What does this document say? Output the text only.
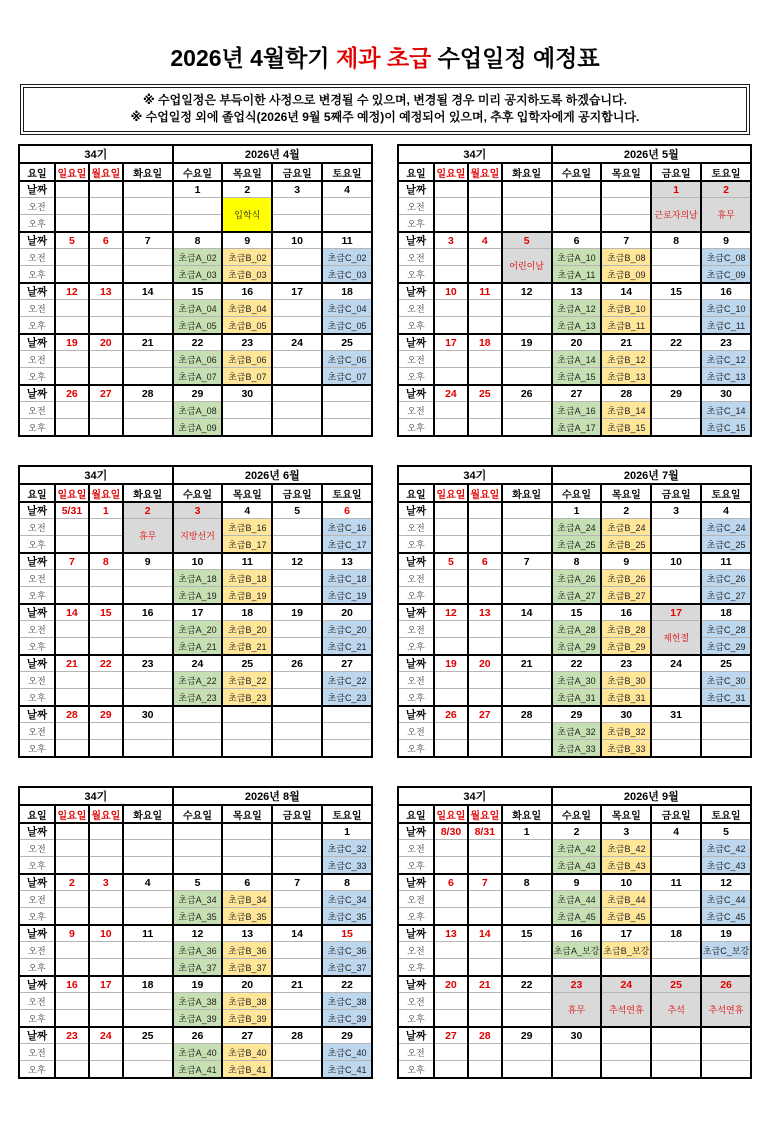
2026년 4월학기 제과 초급 수업일정 예정표
※ 수업일정은 부득이한 사정으로 변경될 수 있으며, 변경될 경우 미리 공지하도록 하겠습니다.
※ 수업일정 외에 졸업식(2026년 9월 5째주 예정)이 예정되어 있으며, 추후 입학자에게 공지합니다.
34기				2026년 4월			
요일	일요일	월요일	화요일	수요일	목요일	금요일	토요일
날짜				1	2	3	4
오전					입학식		
오후							
날짜	5	6	7	8	9	10	11
오전				초급A_02	초급B_02		초급C_02
오후				초급A_03	초급B_03		초급C_03
날짜	12	13	14	15	16	17	18
오전				초급A_04	초급B_04		초급C_04
오후				초급A_05	초급B_05		초급C_05
날짜	19	20	21	22	23	24	25
오전				초급A_06	초급B_06		초급C_06
오후				초급A_07	초급B_07		초급C_07
날짜	26	27	28	29	30		
오전				초급A_08			
오후				초급A_09			
34기				2026년 5월			
요일	일요일	월요일	화요일	수요일	목요일	금요일	토요일
날짜						1	2
오전						근로자의날	휴무
오후							
날짜	3	4	5	6	7	8	9
오전			어린이날	초급A_10	초급B_08		초급C_08
오후				초급A_11	초급B_09		초급C_09
날짜	10	11	12	13	14	15	16
오전				초급A_12	초급B_10		초급C_10
오후				초급A_13	초급B_11		초급C_11
날짜	17	18	19	20	21	22	23
오전				초급A_14	초급B_12		초급C_12
오후				초급A_15	초급B_13		초급C_13
날짜	24	25	26	27	28	29	30
오전				초급A_16	초급B_14		초급C_14
오후				초급A_17	초급B_15		초급C_15
34기				2026년 6월			
요일	일요일	월요일	화요일	수요일	목요일	금요일	토요일
날짜	5/31	1	2	3	4	5	6
오전			휴무	지방선거	초급B_16		초급C_16
오후					초급B_17		초급C_17
날짜	7	8	9	10	11	12	13
오전				초급A_18	초급B_18		초급C_18
오후				초급A_19	초급B_19		초급C_19
날짜	14	15	16	17	18	19	20
오전				초급A_20	초급B_20		초급C_20
오후				초급A_21	초급B_21		초급C_21
날짜	21	22	23	24	25	26	27
오전				초급A_22	초급B_22		초급C_22
오후				초급A_23	초급B_23		초급C_23
날짜	28	29	30				
오전							
오후							
34기				2026년 7월			
요일	일요일	월요일	화요일	수요일	목요일	금요일	토요일
날짜				1	2	3	4
오전				초급A_24	초급B_24		초급C_24
오후				초급A_25	초급B_25		초급C_25
날짜	5	6	7	8	9	10	11
오전				초급A_26	초급B_26		초급C_26
오후				초급A_27	초급B_27		초급C_27
날짜	12	13	14	15	16	17	18
오전				초급A_28	초급B_28	제헌절	초급C_28
오후				초급A_29	초급B_29		초급C_29
날짜	19	20	21	22	23	24	25
오전				초급A_30	초급B_30		초급C_30
오후				초급A_31	초급B_31		초급C_31
날짜	26	27	28	29	30	31	
오전				초급A_32	초급B_32		
오후				초급A_33	초급B_33		
34기				2026년 8월			
요일	일요일	월요일	화요일	수요일	목요일	금요일	토요일
날짜							1
오전							초급C_32
오후							초급C_33
날짜	2	3	4	5	6	7	8
오전				초급A_34	초급B_34		초급C_34
오후				초급A_35	초급B_35		초급C_35
날짜	9	10	11	12	13	14	15
오전				초급A_36	초급B_36		초급C_36
오후				초급A_37	초급B_37		초급C_37
날짜	16	17	18	19	20	21	22
오전				초급A_38	초급B_38		초급C_38
오후				초급A_39	초급B_39		초급C_39
날짜	23	24	25	26	27	28	29
오전				초급A_40	초급B_40		초급C_40
오후				초급A_41	초급B_41		초급C_41
34기				2026년 9월			
요일	일요일	월요일	화요일	수요일	목요일	금요일	토요일
날짜	8/30	8/31	1	2	3	4	5
오전				초급A_42	초급B_42		초급C_42
오후				초급A_43	초급B_43		초급C_43
날짜	6	7	8	9	10	11	12
오전				초급A_44	초급B_44		초급C_44
오후				초급A_45	초급B_45		초급C_45
날짜	13	14	15	16	17	18	19
오전				초급A_보강	초급B_보강		초급C_보강
오후							
날짜	20	21	22	23	24	25	26
오전				휴무	추석연휴	추석	추석연휴
오후							
날짜	27	28	29	30			
오전							
오후							
